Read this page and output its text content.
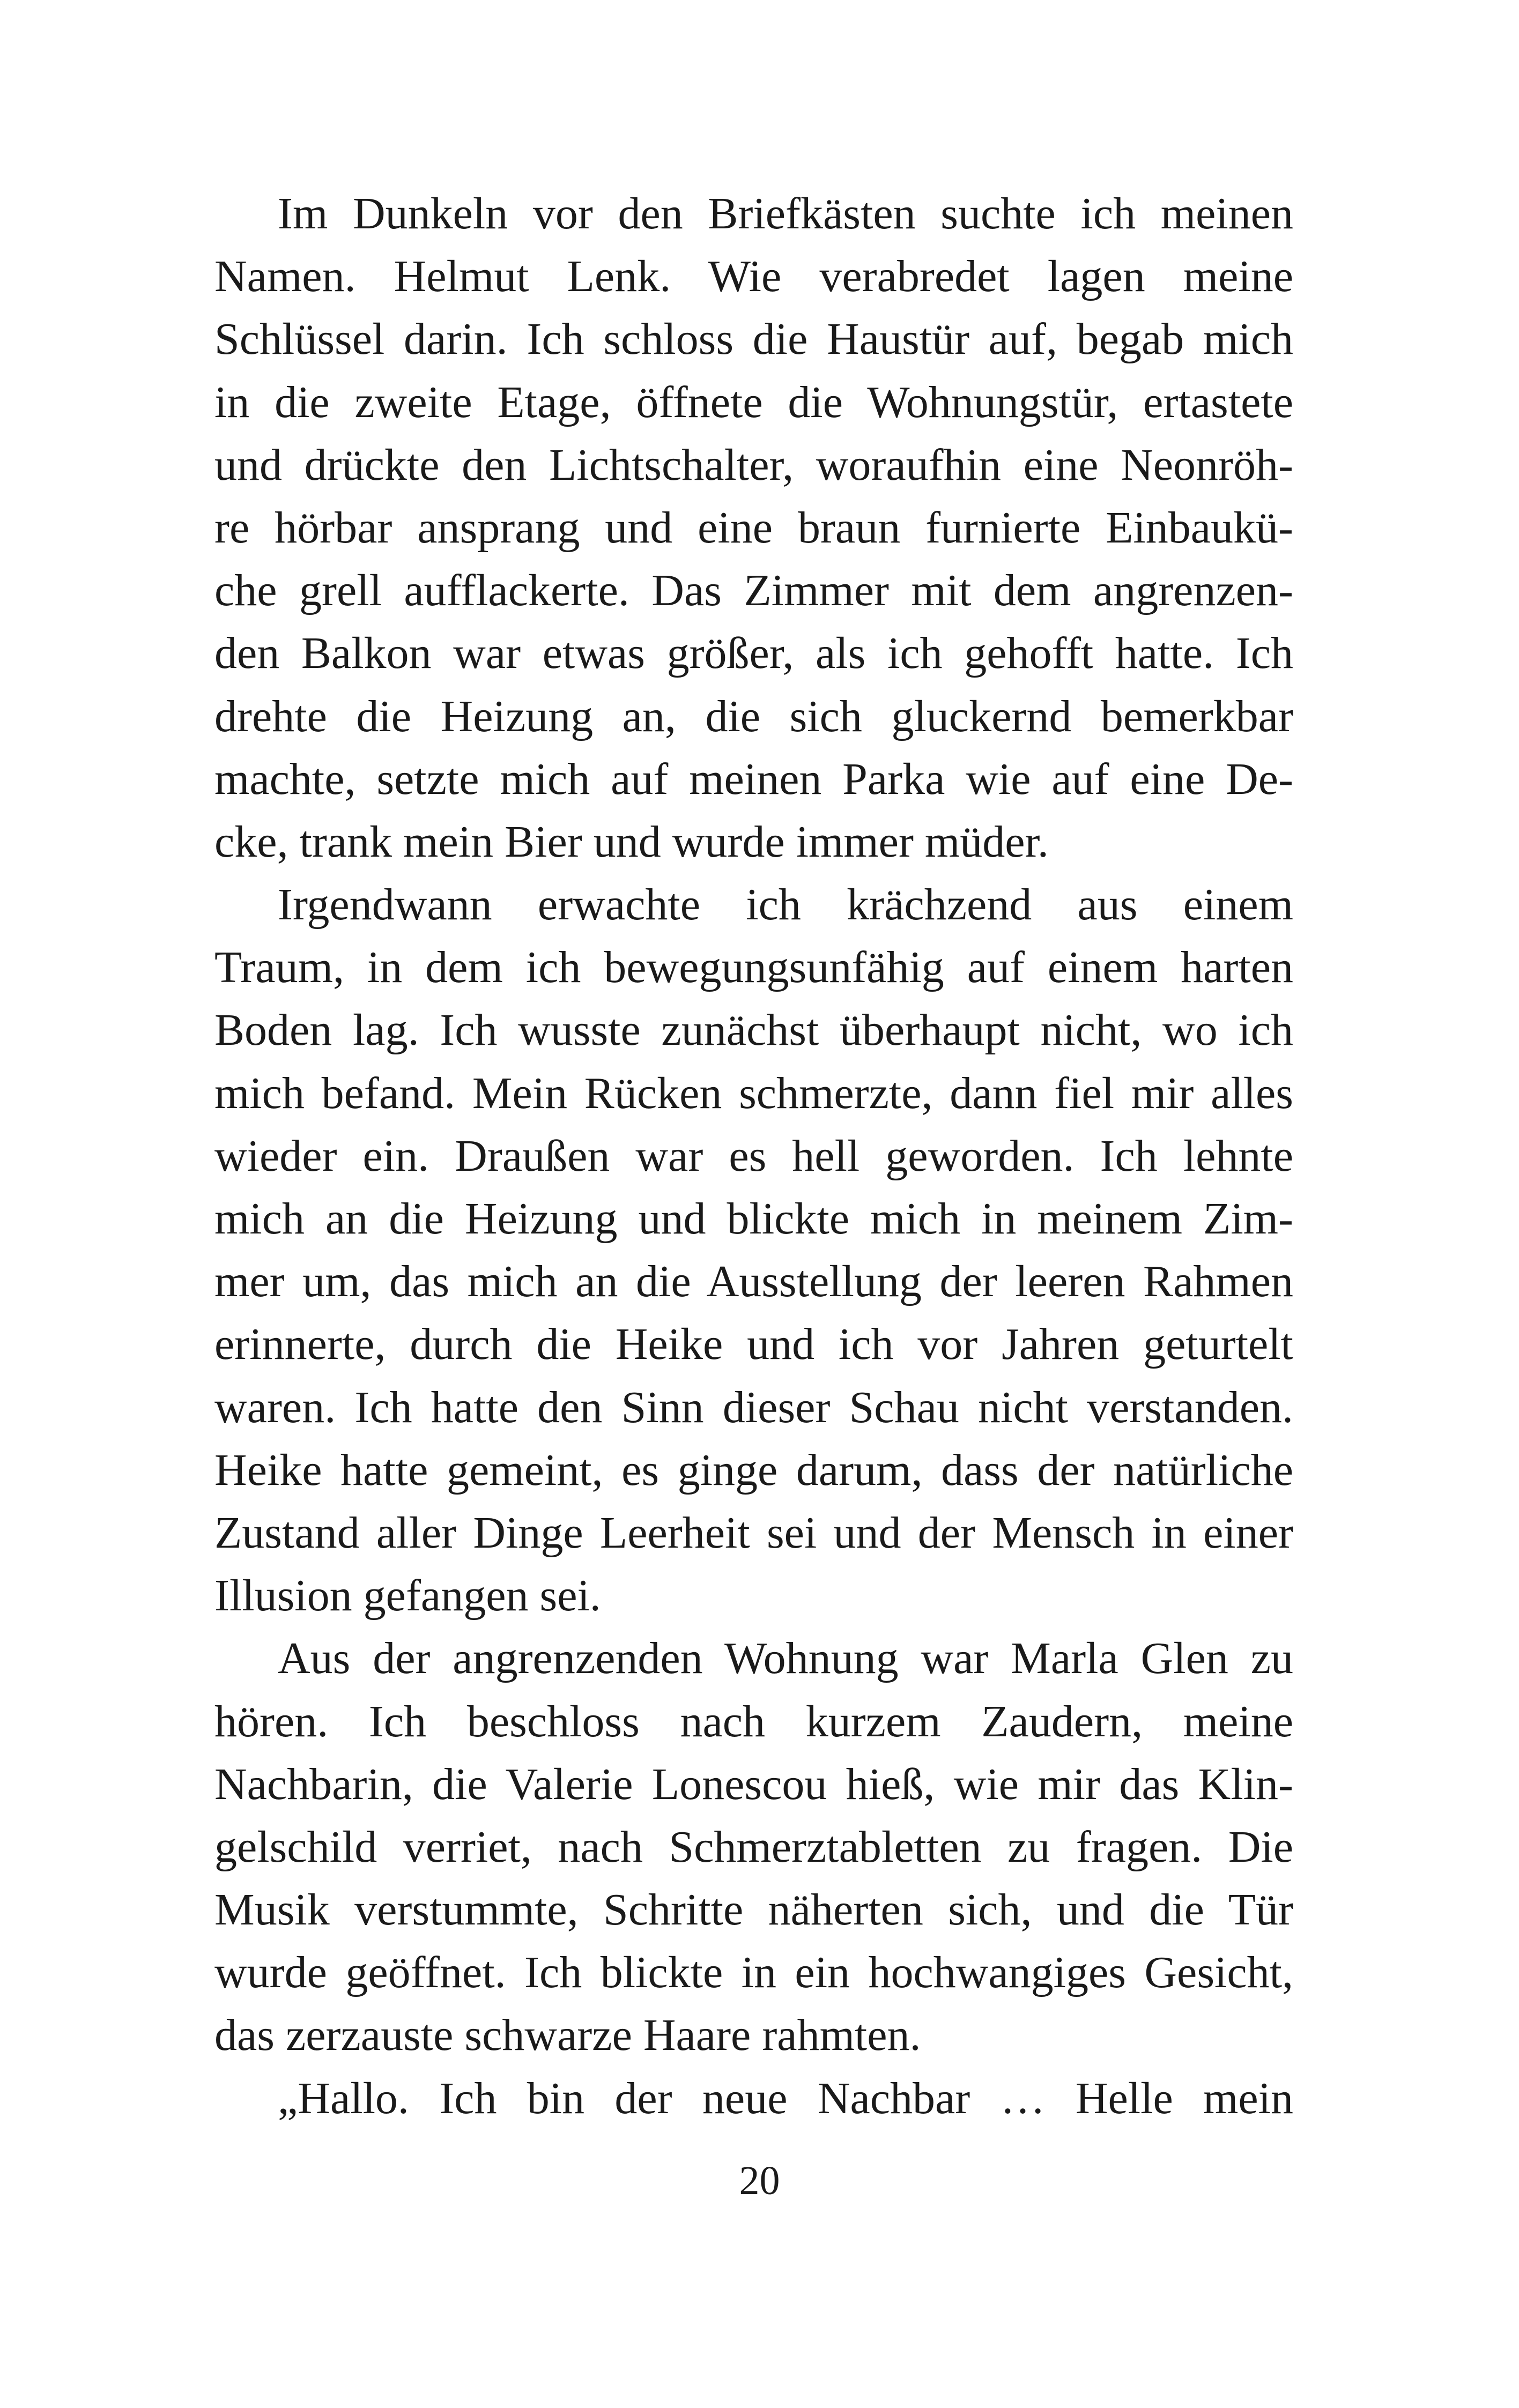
Im Dunkeln vor den Briefkästen suchte ich meinen
Namen. Helmut Lenk. Wie verabredet lagen meine
Schlüssel darin. Ich schloss die Haustür auf, begab mich
in die zweite Etage, öffnete die Wohnungstür, ertastete
und drückte den Lichtschalter, woraufhin eine Neonröh-
re hörbar ansprang und eine braun furnierte Einbaukü-
che grell aufflackerte. Das Zimmer mit dem angrenzen-
den Balkon war etwas größer, als ich gehofft hatte. Ich
drehte die Heizung an, die sich gluckernd bemerkbar
machte, setzte mich auf meinen Parka wie auf eine De-
cke, trank mein Bier und wurde immer müder.
Irgendwann erwachte ich krächzend aus einem
Traum, in dem ich bewegungsunfähig auf einem harten
Boden lag. Ich wusste zunächst überhaupt nicht, wo ich
mich befand. Mein Rücken schmerzte, dann fiel mir alles
wieder ein. Draußen war es hell geworden. Ich lehnte
mich an die Heizung und blickte mich in meinem Zim-
mer um, das mich an die Ausstellung der leeren Rahmen
erinnerte, durch die Heike und ich vor Jahren geturtelt
waren. Ich hatte den Sinn dieser Schau nicht verstanden.
Heike hatte gemeint, es ginge darum, dass der natürliche
Zustand aller Dinge Leerheit sei und der Mensch in einer
Illusion gefangen sei.
Aus der angrenzenden Wohnung war Marla Glen zu
hören. Ich beschloss nach kurzem Zaudern, meine
Nachbarin, die Valerie Lonescou hieß, wie mir das Klin-
gelschild verriet, nach Schmerztabletten zu fragen. Die
Musik verstummte, Schritte näherten sich, und die Tür
wurde geöffnet. Ich blickte in ein hochwangiges Gesicht,
das zerzauste schwarze Haare rahmten.
„Hallo. Ich bin der neue Nachbar … Helle mein
20
